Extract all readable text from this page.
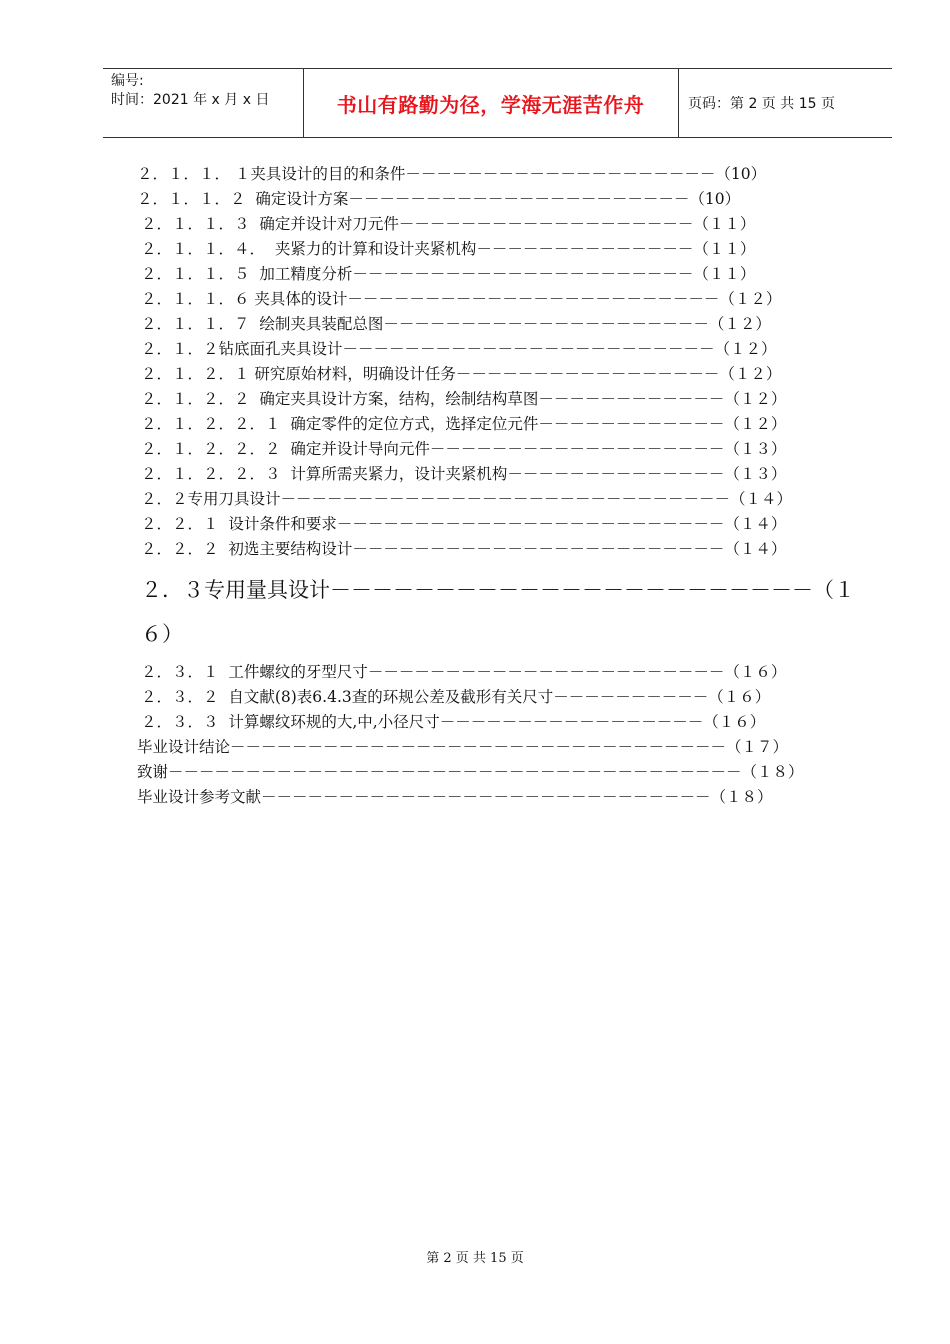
编号:
时间：2021 年 x 月 x 日	书山有路勤为径，学海无涯苦作舟	页码：第 2 页 共 15 页

２．１．１． １夹具设计的目的和条件－－－－－－－－－－－－－－－－－－－－（10）

２．１．１．２  确定设计方案－－－－－－－－－－－－－－－－－－－－－－（10）

２．１．１．３  确定并设计对刀元件－－－－－－－－－－－－－－－－－－－（１１）

２．１．１．４．  夹紧力的计算和设计夹紧机构－－－－－－－－－－－－－－（１１）

２．１．１．５  加工精度分析－－－－－－－－－－－－－－－－－－－－－－（１１）

２．１．１．６ 夹具体的设计－－－－－－－－－－－－－－－－－－－－－－－－（１２）

２．１．１．７  绘制夹具装配总图－－－－－－－－－－－－－－－－－－－－－（１２）

２．１．２钻底面孔夹具设计－－－－－－－－－－－－－－－－－－－－－－－－（１２）

２．１．２．１ 研究原始材料，明确设计任务－－－－－－－－－－－－－－－－－（１２）

２．１．２．２  确定夹具设计方案，结构，绘制结构草图－－－－－－－－－－－－（１２）

２．１．２．２．１  确定零件的定位方式，选择定位元件－－－－－－－－－－－－（１２）

２．１．２．２．２  确定并设计导向元件－－－－－－－－－－－－－－－－－－－（１３）

２．１．２．２．３  计算所需夹紧力，设计夹紧机构－－－－－－－－－－－－－－（１３）

２．２专用刀具设计－－－－－－－－－－－－－－－－－－－－－－－－－－－－－（１４）

２．２．１  设计条件和要求－－－－－－－－－－－－－－－－－－－－－－－－－（１４）

２．２．２  初选主要结构设计－－－－－－－－－－－－－－－－－－－－－－－－（１４）

２．３专用量具设计－－－－－－－－－－－－－－－－－－－－－－－（１６）

２．３．１  工件螺纹的牙型尺寸－－－－－－－－－－－－－－－－－－－－－－－（１６）

２．３．２  自文献(8)表6.4.3查的环规公差及截形有关尺寸－－－－－－－－－－（１６）

２．３．３  计算螺纹环规的大,中,小径尺寸－－－－－－－－－－－－－－－－－（１６）

毕业设计结论－－－－－－－－－－－－－－－－－－－－－－－－－－－－－－－－（１７）

致谢－－－－－－－－－－－－－－－－－－－－－－－－－－－－－－－－－－－－－（１８）

毕业设计参考文献－－－－－－－－－－－－－－－－－－－－－－－－－－－－－（１８）

第 2 页 共 15 页
